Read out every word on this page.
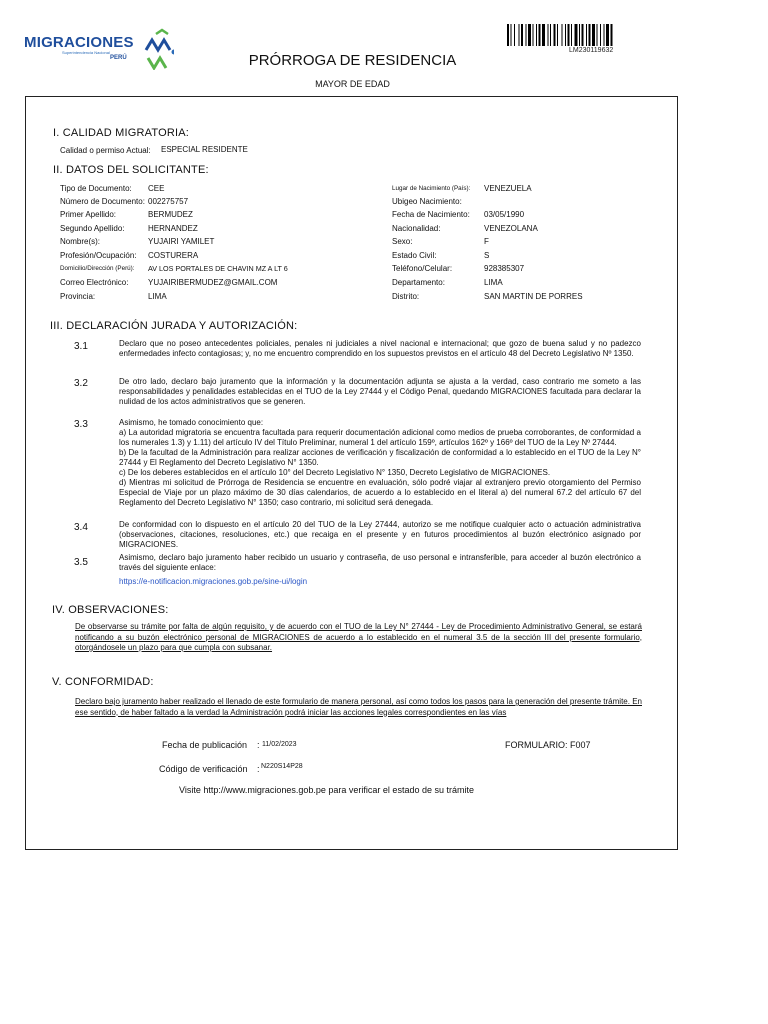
MIGRACIONES
Superintendencia Nacional
PERÚ
LM230119632
PRÓRROGA DE RESIDENCIA
MAYOR DE EDAD
I. CALIDAD MIGRATORIA:
Calidad o permiso Actual: ESPECIAL RESIDENTE
II. DATOS DEL SOLICITANTE:
Tipo de Documento: CEE
Número de Documento: 002275757
Primer Apellido:	BERMUDEZ
Segundo Apellido:	HERNANDEZ
Nombre(s):	YUJAIRI YAMILET
Profesión/Ocupación: COSTURERA
Domicilio/Dirección (Perú): AV LOS PORTALES DE CHAVIN MZ A LT 6
Correo Electrónico: YUJAIRIBERMUDEZ@GMAIL.COM
Provincia:	LIMA
Lugar de Nacimiento (País): VENEZUELA
Ubigeo Nacimiento:
Fecha de Nacimiento: 03/05/1990
Nacionalidad:	VENEZOLANA
Sexo:	F
Estado Civil:	S
Teléfono/Celular:	928385307
Departamento:	LIMA
Distrito:	SAN MARTIN DE PORRES
III. DECLARACIÓN JURADA Y AUTORIZACIÓN:
3.1	Declaro que no poseo antecedentes policiales, penales ni judiciales a nivel nacional e internacional; que gozo de buena salud y no padezco enfermedades infecto contagiosas; y, no me encuentro comprendido en los supuestos previstos en el artículo 48 del Decreto Legislativo Nº 1350.
3.2	De otro lado, declaro bajo juramento que la información y la documentación adjunta se ajusta a la verdad, caso contrario me someto a las responsabilidades y penalidades establecidas en el TUO de la Ley 27444 y el Código Penal, quedando MIGRACIONES facultada para declarar la nulidad de los actos administrativos que se generen.
3.3	Asimismo, he tomado conocimiento que:
a) La autoridad migratoria se encuentra facultada para requerir documentación adicional como medios de prueba corroborantes, de conformidad a los numerales 1.3) y 1.11) del artículo IV del Título Preliminar, numeral 1 del artículo 159º, artículos 162º y 166º del TUO de la Ley Nº 27444.
b) De la facultad de la Administración para realizar acciones de verificación y fiscalización de conformidad a lo establecido en el TUO de la Ley N° 27444 y El Reglamento del Decreto Legislativo N° 1350.
c) De los deberes establecidos en el artículo 10° del Decreto Legislativo N° 1350, Decreto Legislativo de MIGRACIONES.
d) Mientras mi solicitud de Prórroga de Residencia se encuentre en evaluación, sólo podré viajar al extranjero previo otorgamiento del Permiso Especial de Viaje por un plazo máximo de 30 días calendarios, de acuerdo a lo establecido en el literal a) del numeral 67.2 del artículo 67 del Reglamento del Decreto Legislativo N° 1350; caso contrario, mi solicitud será denegada.
3.4	De conformidad con lo dispuesto en el artículo 20 del TUO de la Ley 27444, autorizo se me notifique cualquier acto o actuación administrativa (observaciones, citaciones, resoluciones, etc.) que recaiga en el presente y en futuros procedimientos al buzón electrónico asignado por MIGRACIONES.
3.5	Asimismo, declaro bajo juramento haber recibido un usuario y contraseña, de uso personal e intransferible, para acceder al buzón electrónico a través del siguiente enlace:
https://e-notificacion.migraciones.gob.pe/sine-ui/login
IV. OBSERVACIONES:
De observarse su trámite por falta de algún requisito, y de acuerdo con el TUO de la Ley N° 27444 - Ley de Procedimiento Administrativo General, se estará notificando a su buzón electrónico personal de MIGRACIONES de acuerdo a lo establecido en el numeral 3.5 de la sección III del presente formulario, otorgándosele un plazo para que cumpla con subsanar.
V. CONFORMIDAD:
Declaro bajo juramento haber realizado el llenado de este formulario de manera personal, así como todos los pasos para la generación del presente trámite. En ese sentido, de haber faltado a la verdad la Administración podrá iniciar las acciones legales correspondientes en las vías
Fecha de publicación : 11/02/2023	FORMULARIO: F007
Código de verificación : N220S14P28
Visite http://www.migraciones.gob.pe para verificar el estado de su trámite
